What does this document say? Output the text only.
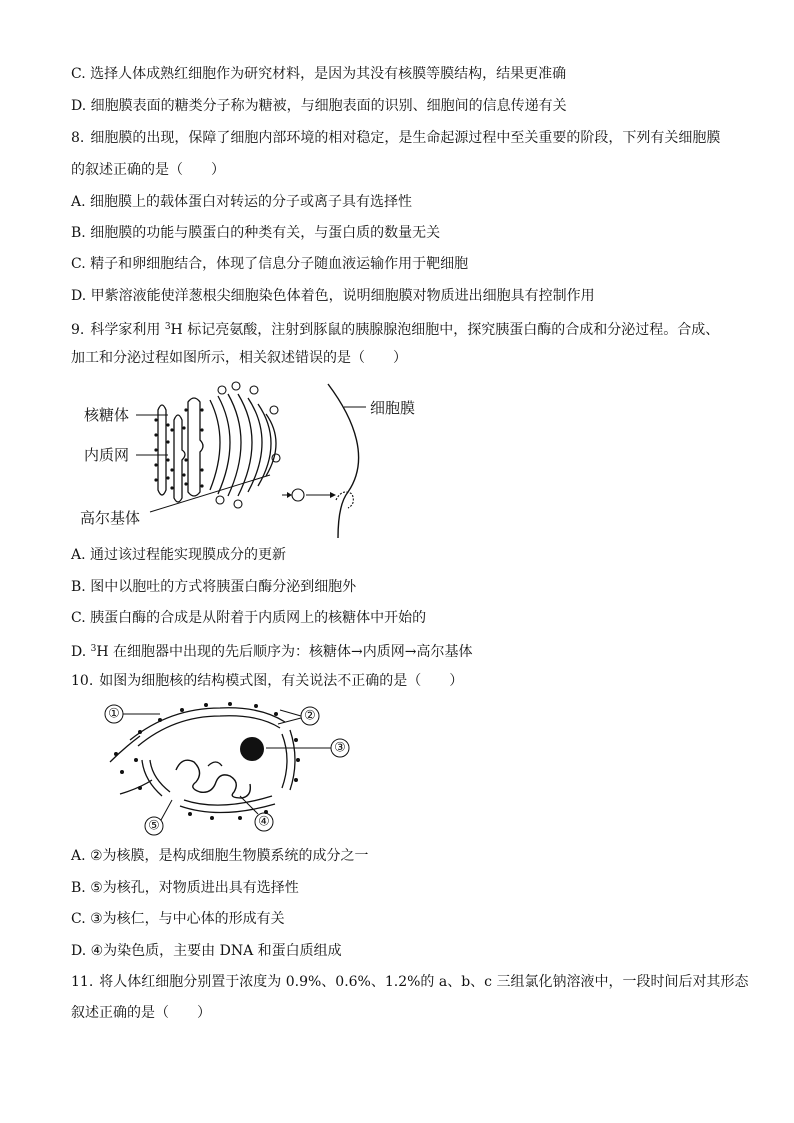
C. 选择人体成熟红细胞作为研究材料，是因为其没有核膜等膜结构，结果更准确
D. 细胞膜表面的糖类分子称为糖被，与细胞表面的识别、细胞间的信息传递有关
8. 细胞膜的出现，保障了细胞内部环境的相对稳定，是生命起源过程中至关重要的阶段，下列有关细胞膜
的叙述正确的是（　　）
A. 细胞膜上的载体蛋白对转运的分子或离子具有选择性
B. 细胞膜的功能与膜蛋白的种类有关，与蛋白质的数量无关
C. 精子和卵细胞结合，体现了信息分子随血液运输作用于靶细胞
D. 甲紫溶液能使洋葱根尖细胞染色体着色，说明细胞膜对物质进出细胞具有控制作用
9. 科学家利用 $^3$H 标记亮氨酸，注射到豚鼠的胰腺腺泡细胞中，探究胰蛋白酶的合成和分泌过程。合成、
加工和分泌过程如图所示，相关叙述错误的是（　　）
核糖体
内质网
高尔基体
细胞膜
A. 通过该过程能实现膜成分的更新
B. 图中以胞吐的方式将胰蛋白酶分泌到细胞外
C. 胰蛋白酶的合成是从附着于内质网上的核糖体中开始的
D. $^3$H 在细胞器中出现的先后顺序为：核糖体→内质网→高尔基体
10. 如图为细胞核的结构模式图，有关说法不正确的是（　　）
①	②
③
④
⑤
A. ②为核膜，是构成细胞生物膜系统的成分之一
B. ⑤为核孔，对物质进出具有选择性
C. ③为核仁，与中心体的形成有关
D. ④为染色质，主要由 DNA 和蛋白质组成
11. 将人体红细胞分别置于浓度为 0.9%、0.6%、1.2%的 a、b、c 三组氯化钠溶液中，一段时间后对其形态
叙述正确的是（　　）
